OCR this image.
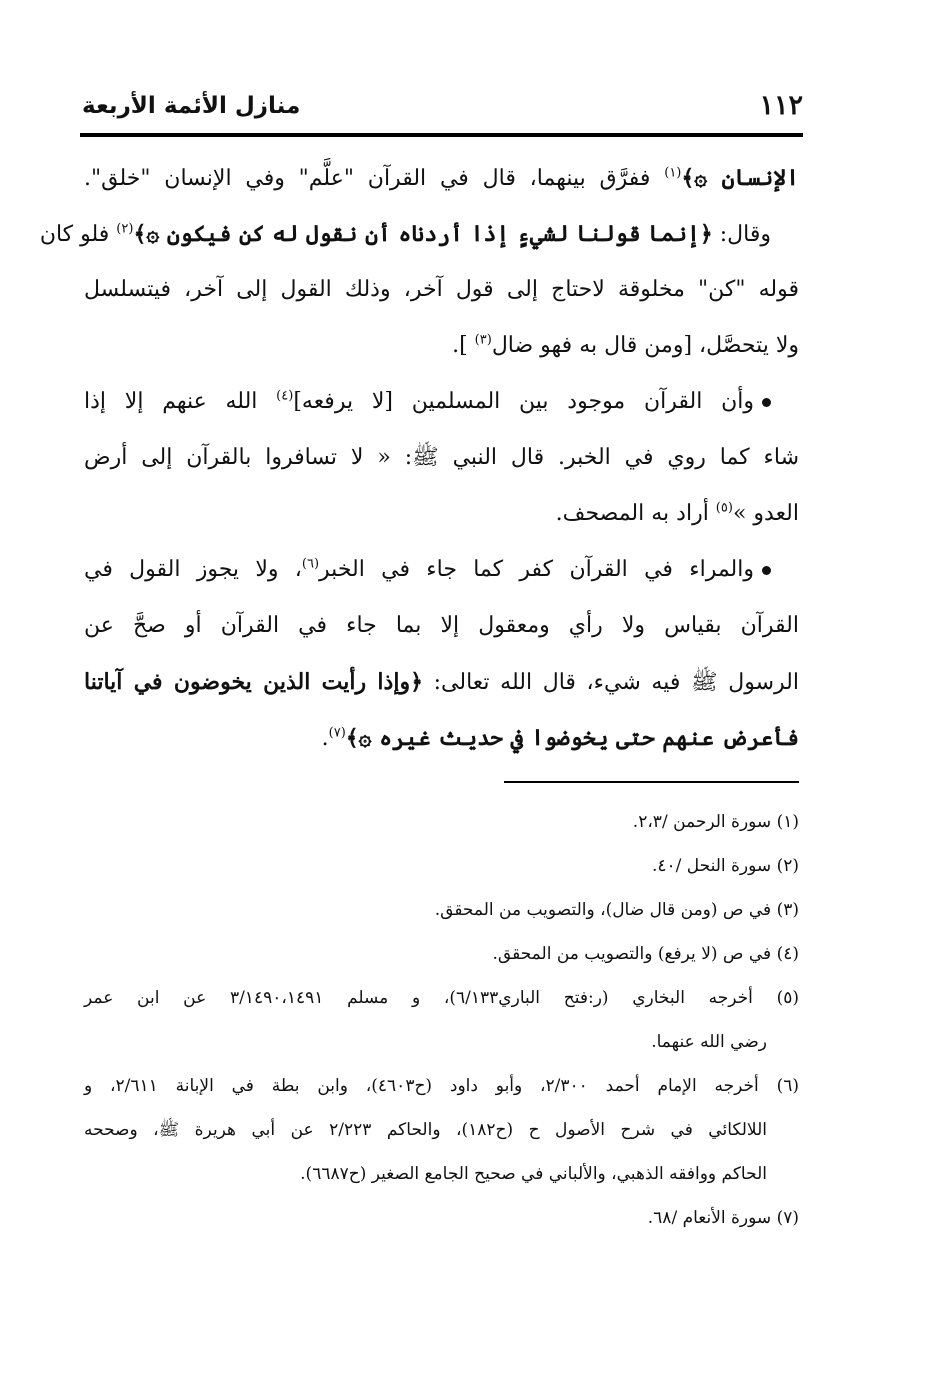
١١٢
منازل الأئمة الأربعة
الإنسان ۞﴾$^{(١)}$ ففرَّق بينهما، قال في القرآن "علَّم" وفي الإنسان "خلق".
وقال: ﴿إنما قولنا لشيءٍ إذا أردناه أن نقول له كن فيكون ۞﴾$^{(٢)}$ فلو كان
قوله "كن" مخلوقة لاحتاج إلى قول آخر، وذلك القول إلى آخر، فيتسلسل
ولا يتحصَّل، [ومن قال به فهو ضال$^{(٣)}$ ].
وأن القرآن موجود بين المسلمين [لا يرفعه]$^{(٤)}$ الله عنهم إلا إذا
شاء كما روي في الخبر. قال النبي ﷺ: « لا تسافروا بالقرآن إلى أرض
العدو »$^{(٥)}$ أراد به المصحف.
والمراء في القرآن كفر كما جاء في الخبر$^{(٦)}$، ولا يجوز القول في
القرآن بقياس ولا رأي ومعقول إلا بما جاء في القرآن أو صحَّ عن
الرسول ﷺ فيه شيء، قال الله تعالى: ﴿وإذا رأيت الذين يخوضون في آياتنا
فأعرض عنهم حتى يخوضوا في حديث غيره ۞﴾$^{(٧)}$.
(١) سورة الرحمن /٢،٣.
(٢) سورة النحل /٤٠.
(٣) في ص (ومن قال ضال)، والتصويب من المحقق.
(٤) في ص (لا يرفع) والتصويب من المحقق.
(٥) أخرجه البخاري (ر:فتح الباري٦/١٣٣)، و مسلم ٣/١٤٩٠،١٤٩١ عن ابن عمر
رضي الله عنهما.
(٦) أخرجه الإمام أحمد ٢/٣٠٠، وأبو داود (ح٤٦٠٣)، وابن بطة في الإبانة ٢/٦١١، و
اللالكائي في شرح الأصول ح (ح١٨٢)، والحاكم ٢/٢٢٣ عن أبي هريرة ﷺ، وصححه
الحاكم ووافقه الذهبي، والألباني في صحيح الجامع الصغير (ح٦٦٨٧).
(٧) سورة الأنعام /٦٨.
